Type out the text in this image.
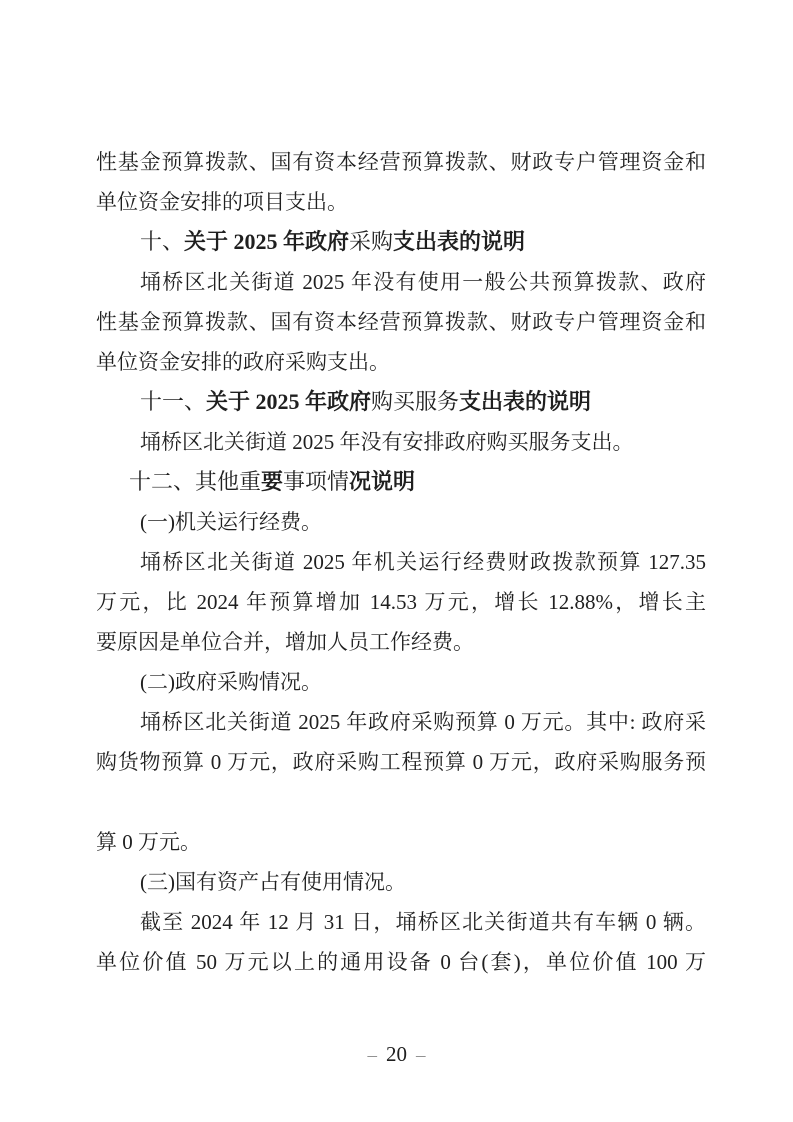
性基金预算拨款、国有资本经营预算拨款、财政专户管理资金和
单位资金安排的项目支出。
十、关于 2025 年政府采购支出表的说明
埇桥区北关街道 2025 年没有使用一般公共预算拨款、政府
性基金预算拨款、国有资本经营预算拨款、财政专户管理资金和
单位资金安排的政府采购支出。
十一、关于 2025 年政府购买服务支出表的说明
埇桥区北关街道 2025 年没有安排政府购买服务支出。
十二、其他重要事项情况说明
(一)机关运行经费。
埇桥区北关街道 2025 年机关运行经费财政拨款预算 127.35
万元，比 2024 年预算增加 14.53 万元，增长 12.88%，增长主
要原因是单位合并，增加人员工作经费。
(二)政府采购情况。
埇桥区北关街道 2025 年政府采购预算 0 万元。其中: 政府采
购货物预算 0 万元，政府采购工程预算 0 万元，政府采购服务预
算 0 万元。
(三)国有资产占有使用情况。
截至 2024 年 12 月 31 日，埇桥区北关街道共有车辆 0 辆。
单位价值 50 万元以上的通用设备 0 台(套)，单位价值 100 万
– 20 –
